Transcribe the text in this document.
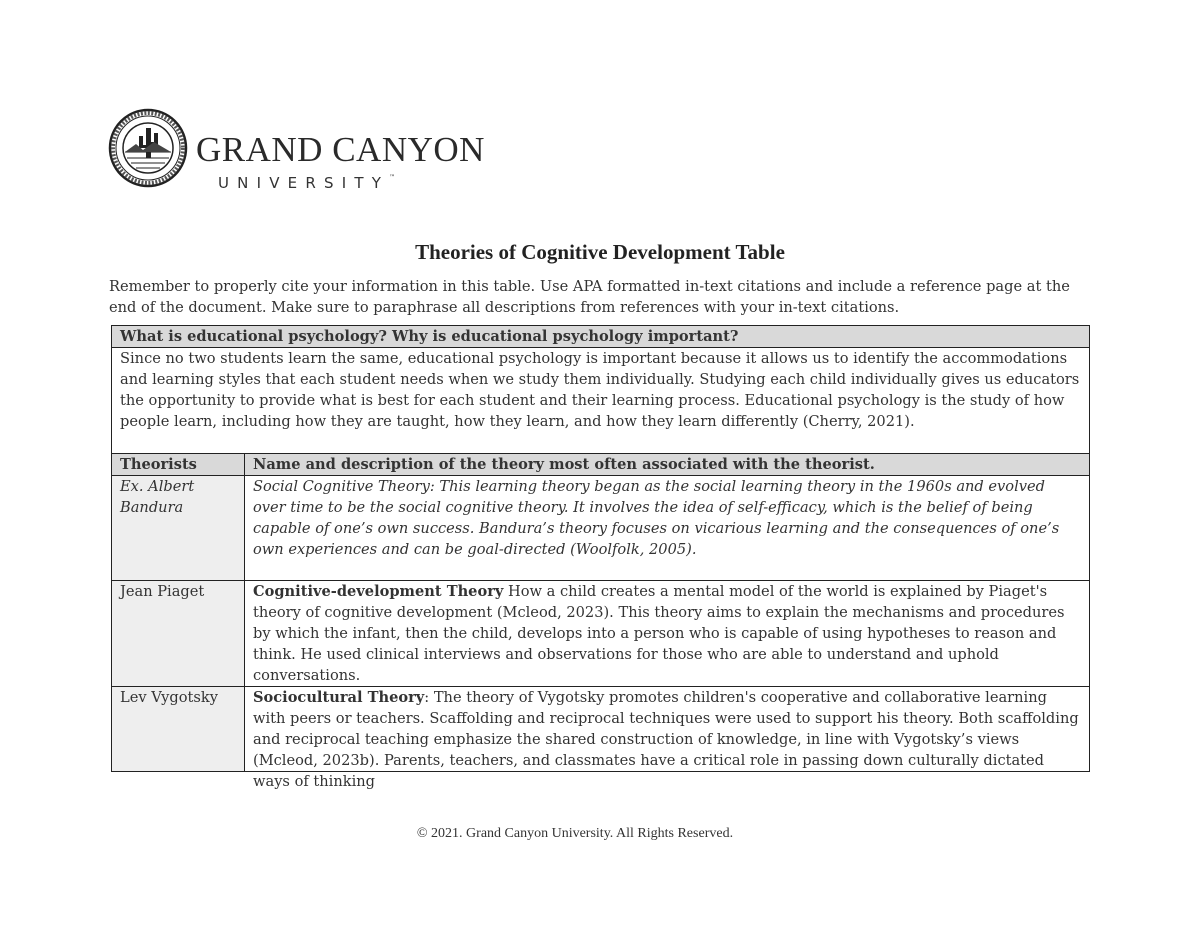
GRAND CANYON
UNIVERSITY™
Theories of Cognitive Development Table
Remember to properly cite your information in this table. Use APA formatted in-text citations and include a reference page at the end of the document. Make sure to paraphrase all descriptions from references with your in-text citations.
What is educational psychology? Why is educational psychology important?	
Since no two students learn the same, educational psychology is important because it allows us to identify the accommodations and learning styles that each student needs when we study them individually. Studying each child individually gives us educators the opportunity to provide what is best for each student and their learning process. Educational psychology is the study of how people learn, including how they are taught, how they learn, and how they learn differently (Cherry, 2021).	
Theorists	Name and description of the theory most often associated with the theorist.
Ex. Albert Bandura	Social Cognitive Theory: This learning theory began as the social learning theory in the 1960s and evolved over time to be the social cognitive theory. It involves the idea of self-efficacy, which is the belief of being capable of one’s own success. Bandura’s theory focuses on vicarious learning and the consequences of one’s own experiences and can be goal-directed (Woolfolk, 2005).
Jean Piaget	Cognitive-development Theory How a child creates a mental model of the world is explained by Piaget's theory of cognitive development (Mcleod, 2023). This theory aims to explain the mechanisms and procedures by which the infant, then the child, develops into a person who is capable of using hypotheses to reason and think. He used clinical interviews and observations for those who are able to understand and uphold conversations.
Lev Vygotsky	Sociocultural Theory: The theory of Vygotsky promotes children's cooperative and collaborative learning with peers or teachers. Scaffolding and reciprocal techniques were used to support his theory. Both scaffolding and reciprocal teaching emphasize the shared construction of knowledge, in line with Vygotsky’s views (Mcleod, 2023b). Parents, teachers, and classmates have a critical role in passing down culturally dictated ways of thinking
© 2021. Grand Canyon University. All Rights Reserved.
